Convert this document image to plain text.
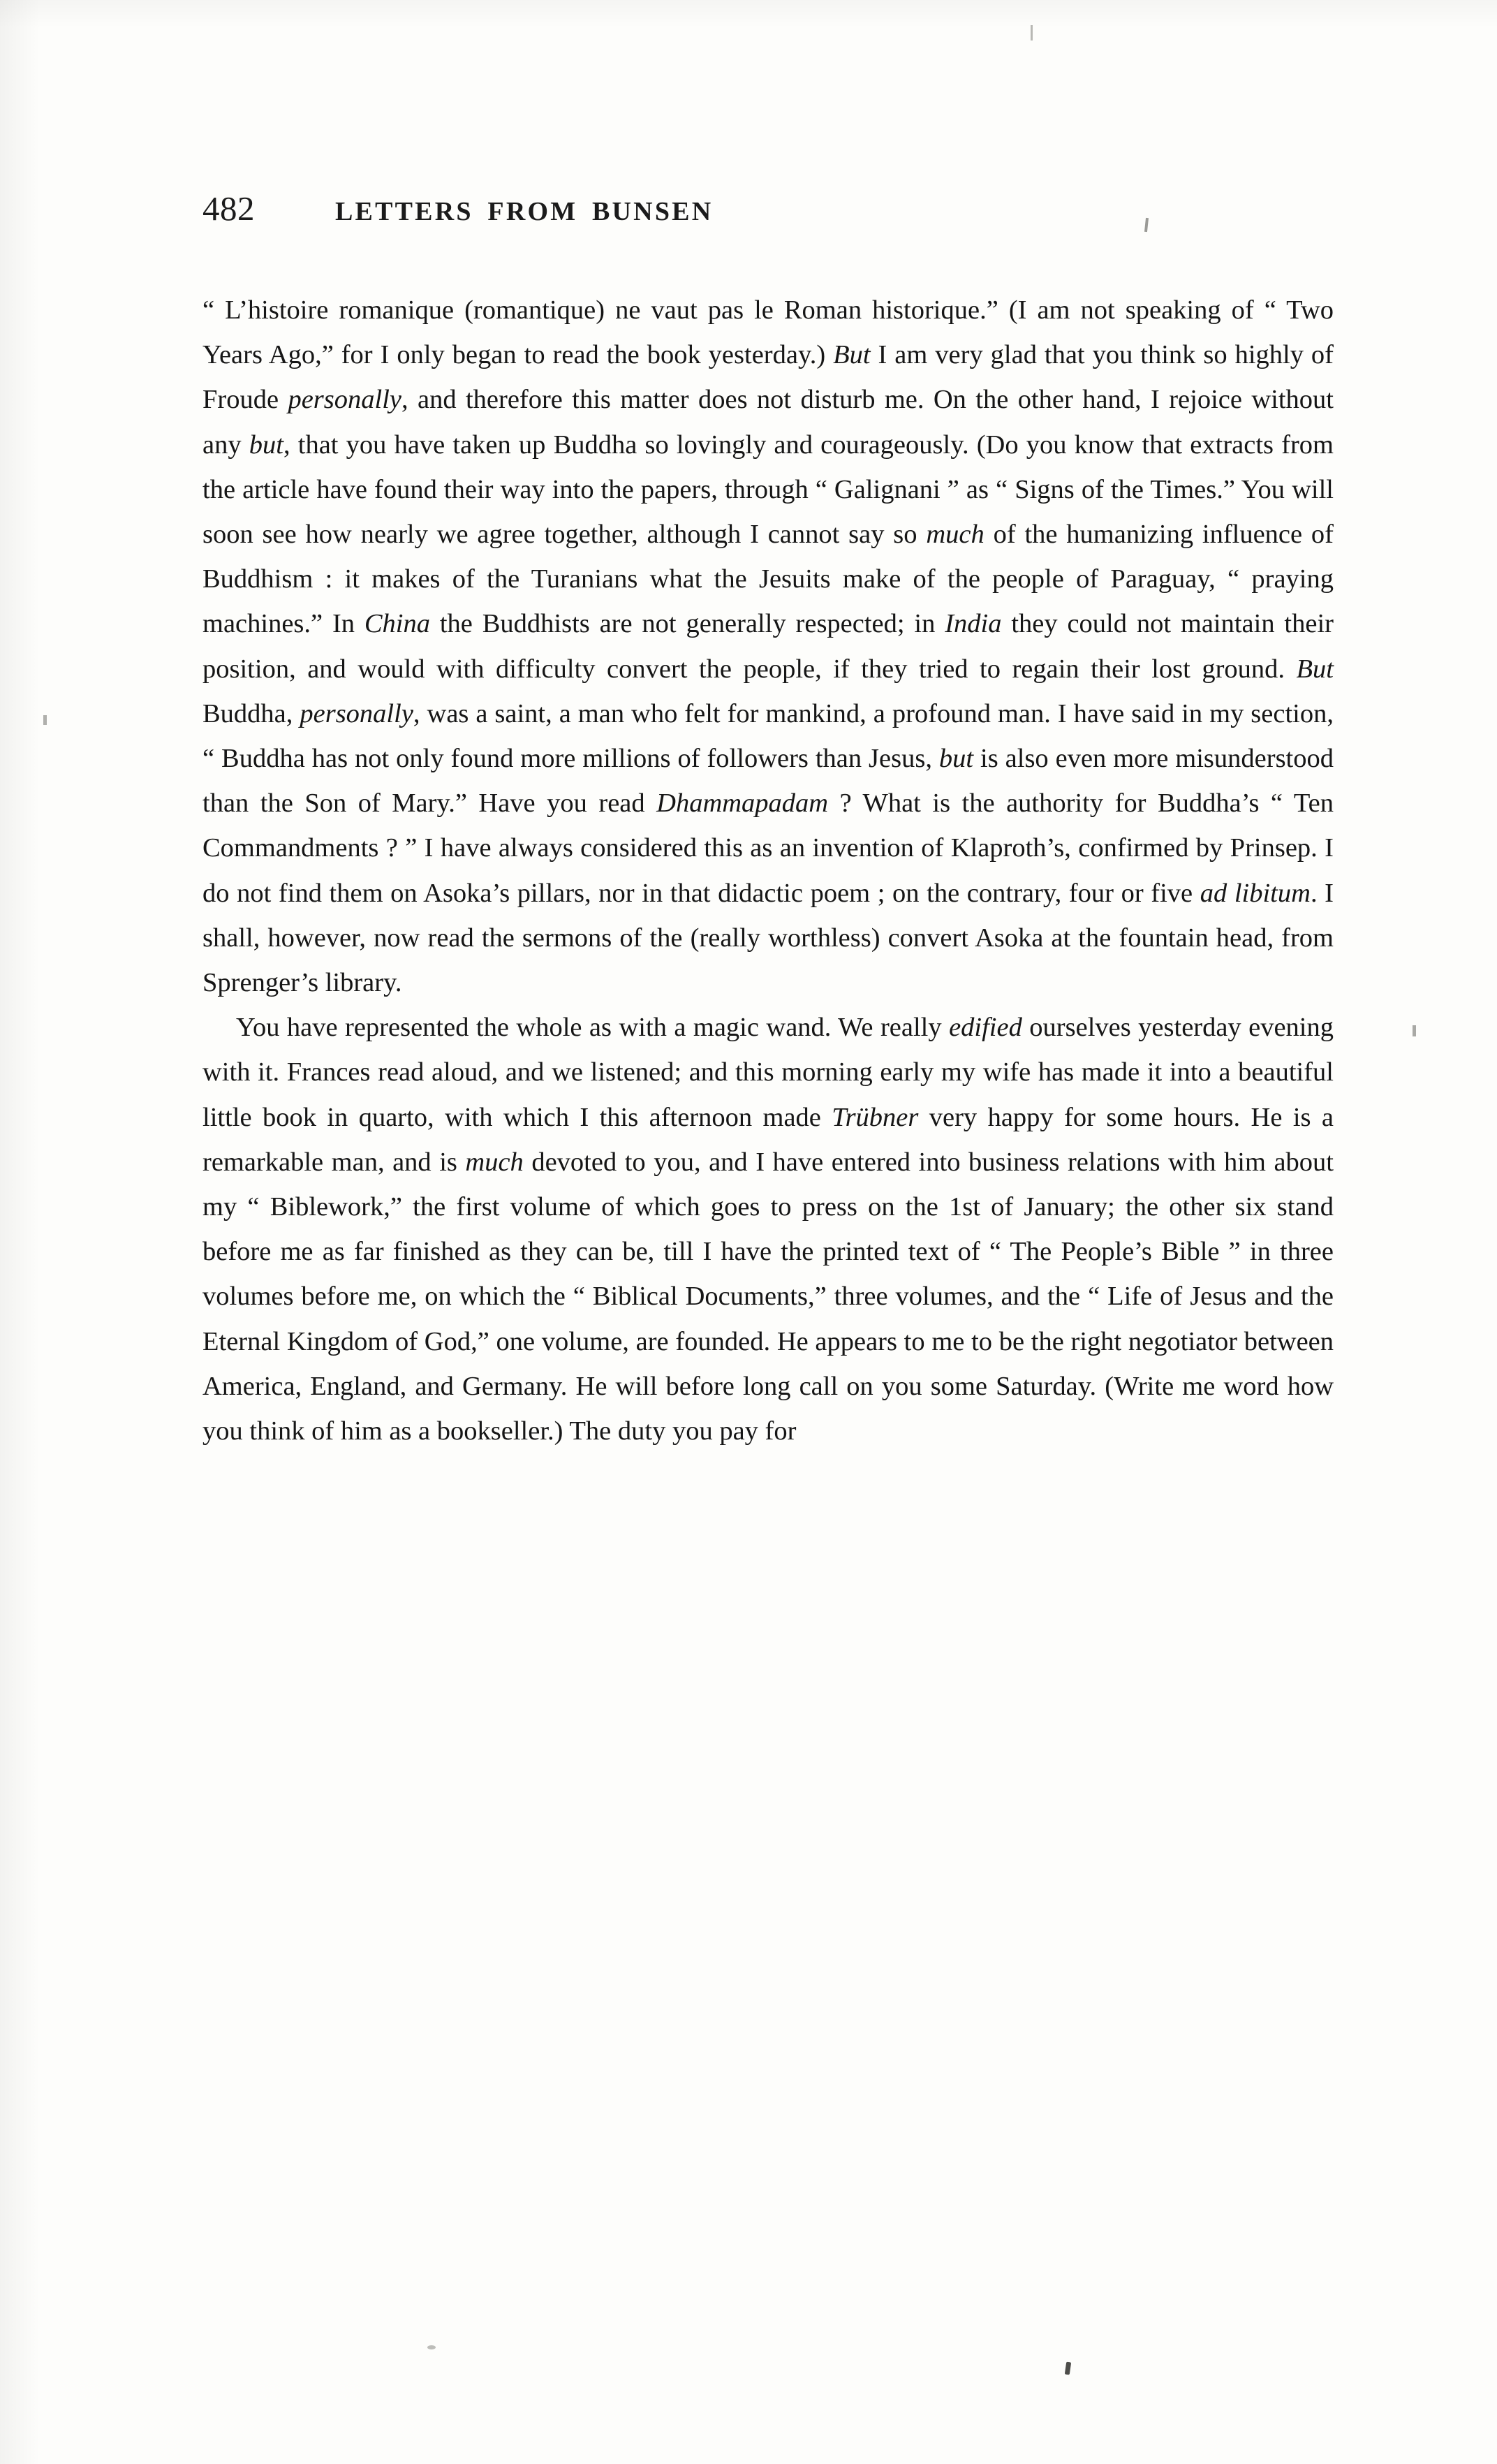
482	LETTERS FROM BUNSEN

“ L’histoire romanique (romantique) ne vaut pas le Roman historique.” (I am not speaking of “ Two Years Ago,” for I only began to read the book yesterday.) But I am very glad that you think so highly of Froude personally, and therefore this matter does not disturb me. On the other hand, I rejoice without any but, that you have taken up Buddha so lovingly and courageously. (Do you know that extracts from the article have found their way into the papers, through “ Galignani ” as “ Signs of the Times.” You will soon see how nearly we agree together, although I cannot say so much of the humanizing influence of Buddhism : it makes of the Turanians what the Jesuits make of the people of Paraguay, “ praying machines.” In China the Buddhists are not generally respected; in India they could not maintain their position, and would with difficulty convert the people, if they tried to regain their lost ground. But Buddha, personally, was a saint, a man who felt for mankind, a profound man. I have said in my section, “ Buddha has not only found more millions of followers than Jesus, but is also even more misunderstood than the Son of Mary.” Have you read Dhammapadam ? What is the authority for Buddha’s “ Ten Commandments ? ” I have always considered this as an invention of Klaproth’s, confirmed by Prinsep. I do not find them on Asoka’s pillars, nor in that didactic poem ; on the contrary, four or five ad libitum. I shall, however, now read the sermons of the (really worthless) convert Asoka at the fountain head, from Sprenger’s library.

You have represented the whole as with a magic wand. We really edified ourselves yesterday evening with it. Frances read aloud, and we listened; and this morning early my wife has made it into a beautiful little book in quarto, with which I this afternoon made Trübner very happy for some hours. He is a remarkable man, and is much devoted to you, and I have entered into business relations with him about my “ Biblework,” the first volume of which goes to press on the 1st of January; the other six stand before me as far finished as they can be, till I have the printed text of “ The People’s Bible ” in three volumes before me, on which the “ Biblical Documents,” three volumes, and the “ Life of Jesus and the Eternal Kingdom of God,” one volume, are founded. He appears to me to be the right negotiator between America, England, and Germany. He will before long call on you some Saturday. (Write me word how you think of him as a bookseller.) The duty you pay for
